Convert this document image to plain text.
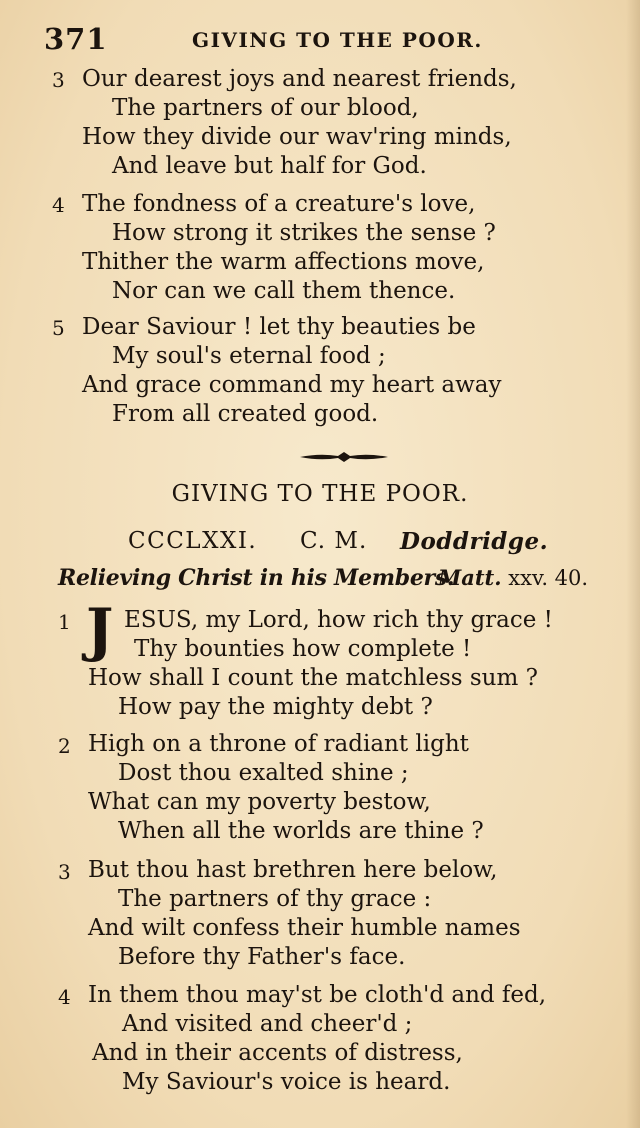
371	GIVING TO THE POOR.
3 Our dearest joys and nearest friends,
The partners of our blood,
How they divide our wav'ring minds,
And leave but half for God.
4 The fondness of a creature's love,
How strong it strikes the sense ?
Thither the warm affections move,
Nor can we call them thence.
5 Dear Saviour ! let thy beauties be
My soul's eternal food ;
And grace command my heart away
From all created good.
GIVING TO THE POOR.
CCCLXXI. C. M. Doddridge.
Relieving Christ in his Members.
Matt. xxv. 40.
1 J ESUS, my Lord, how rich thy grace !
Thy bounties how complete !
How shall I count the matchless sum ?
How pay the mighty debt ?
2 High on a throne of radiant light
Dost thou exalted shine ;
What can my poverty bestow,
When all the worlds are thine ?
3 But thou hast brethren here below,
The partners of thy grace :
And wilt confess their humble names
Before thy Father's face.
4 In them thou may'st be cloth'd and fed,
And visited and cheer'd ;
And in their accents of distress,
My Saviour's voice is heard.
